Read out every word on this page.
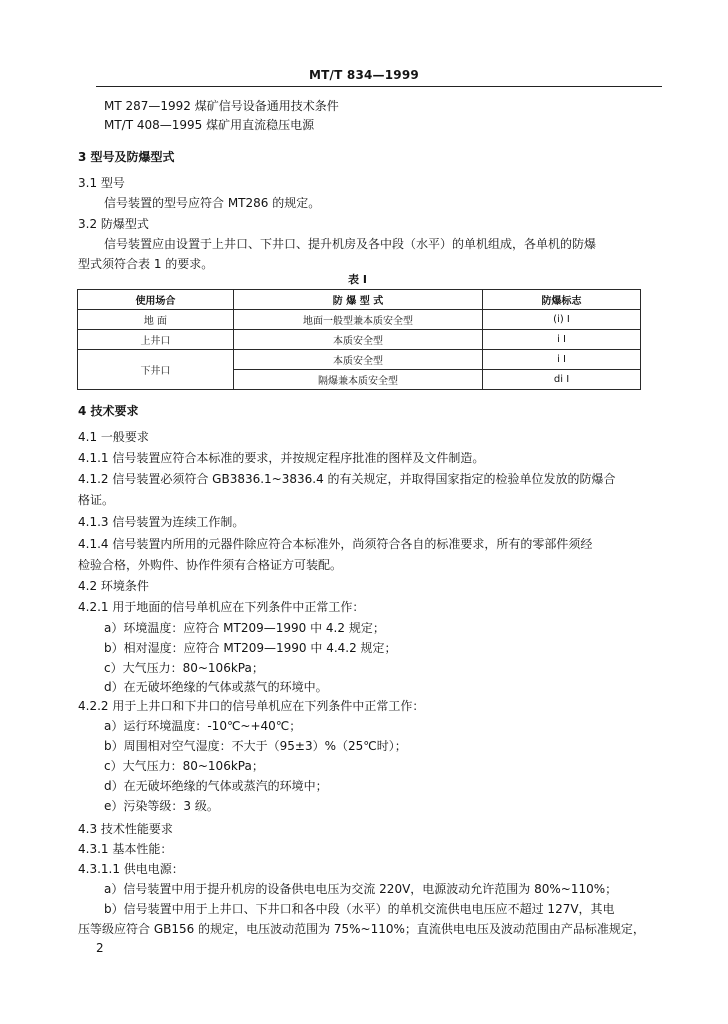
MT/T 834—1999
MT 287—1992 煤矿信号设备通用技术条件
MT/T 408—1995 煤矿用直流稳压电源
3 型号及防爆型式
3.1 型号
信号装置的型号应符合 MT286 的规定。
3.2 防爆型式
信号装置应由设置于上井口、下井口、提升机房及各中段（水平）的单机组成，各单机的防爆
型式须符合表 1 的要求。
表 I
使用场合	防 爆 型 式	防爆标志
地 面	地面一般型兼本质安全型	(i) I
上井口	本质安全型	i I
下井口	本质安全型	i I
	隔爆兼本质安全型	di I
4 技术要求
4.1 一般要求
4.1.1 信号装置应符合本标准的要求，并按规定程序批准的图样及文件制造。
4.1.2 信号装置必须符合 GB3836.1~3836.4 的有关规定，并取得国家指定的检验单位发放的防爆合
格证。
4.1.3 信号装置为连续工作制。
4.1.4 信号装置内所用的元器件除应符合本标准外，尚须符合各自的标准要求，所有的零部件须经
检验合格，外购件、协作件须有合格证方可装配。
4.2 环境条件
4.2.1 用于地面的信号单机应在下列条件中正常工作：
a）环境温度：应符合 MT209—1990 中 4.2 规定；
b）相对湿度：应符合 MT209—1990 中 4.4.2 规定；
c）大气压力：80~106kPa；
d）在无破坏绝缘的气体或蒸气的环境中。
4.2.2 用于上井口和下井口的信号单机应在下列条件中正常工作：
a）运行环境温度：-10℃~+40℃；
b）周围相对空气湿度：不大于（95±3）%（25℃时）；
c）大气压力：80~106kPa；
d）在无破坏绝缘的气体或蒸汽的环境中；
e）污染等级：3 级。
4.3 技术性能要求
4.3.1 基本性能：
4.3.1.1 供电电源：
a）信号装置中用于提升机房的设备供电电压为交流 220V，电源波动允许范围为 80%~110%；
b）信号装置中用于上井口、下井口和各中段（水平）的单机交流供电电压应不超过 127V，其电
压等级应符合 GB156 的规定，电压波动范围为 75%~110%；直流供电电压及波动范围由产品标准规定，
2
